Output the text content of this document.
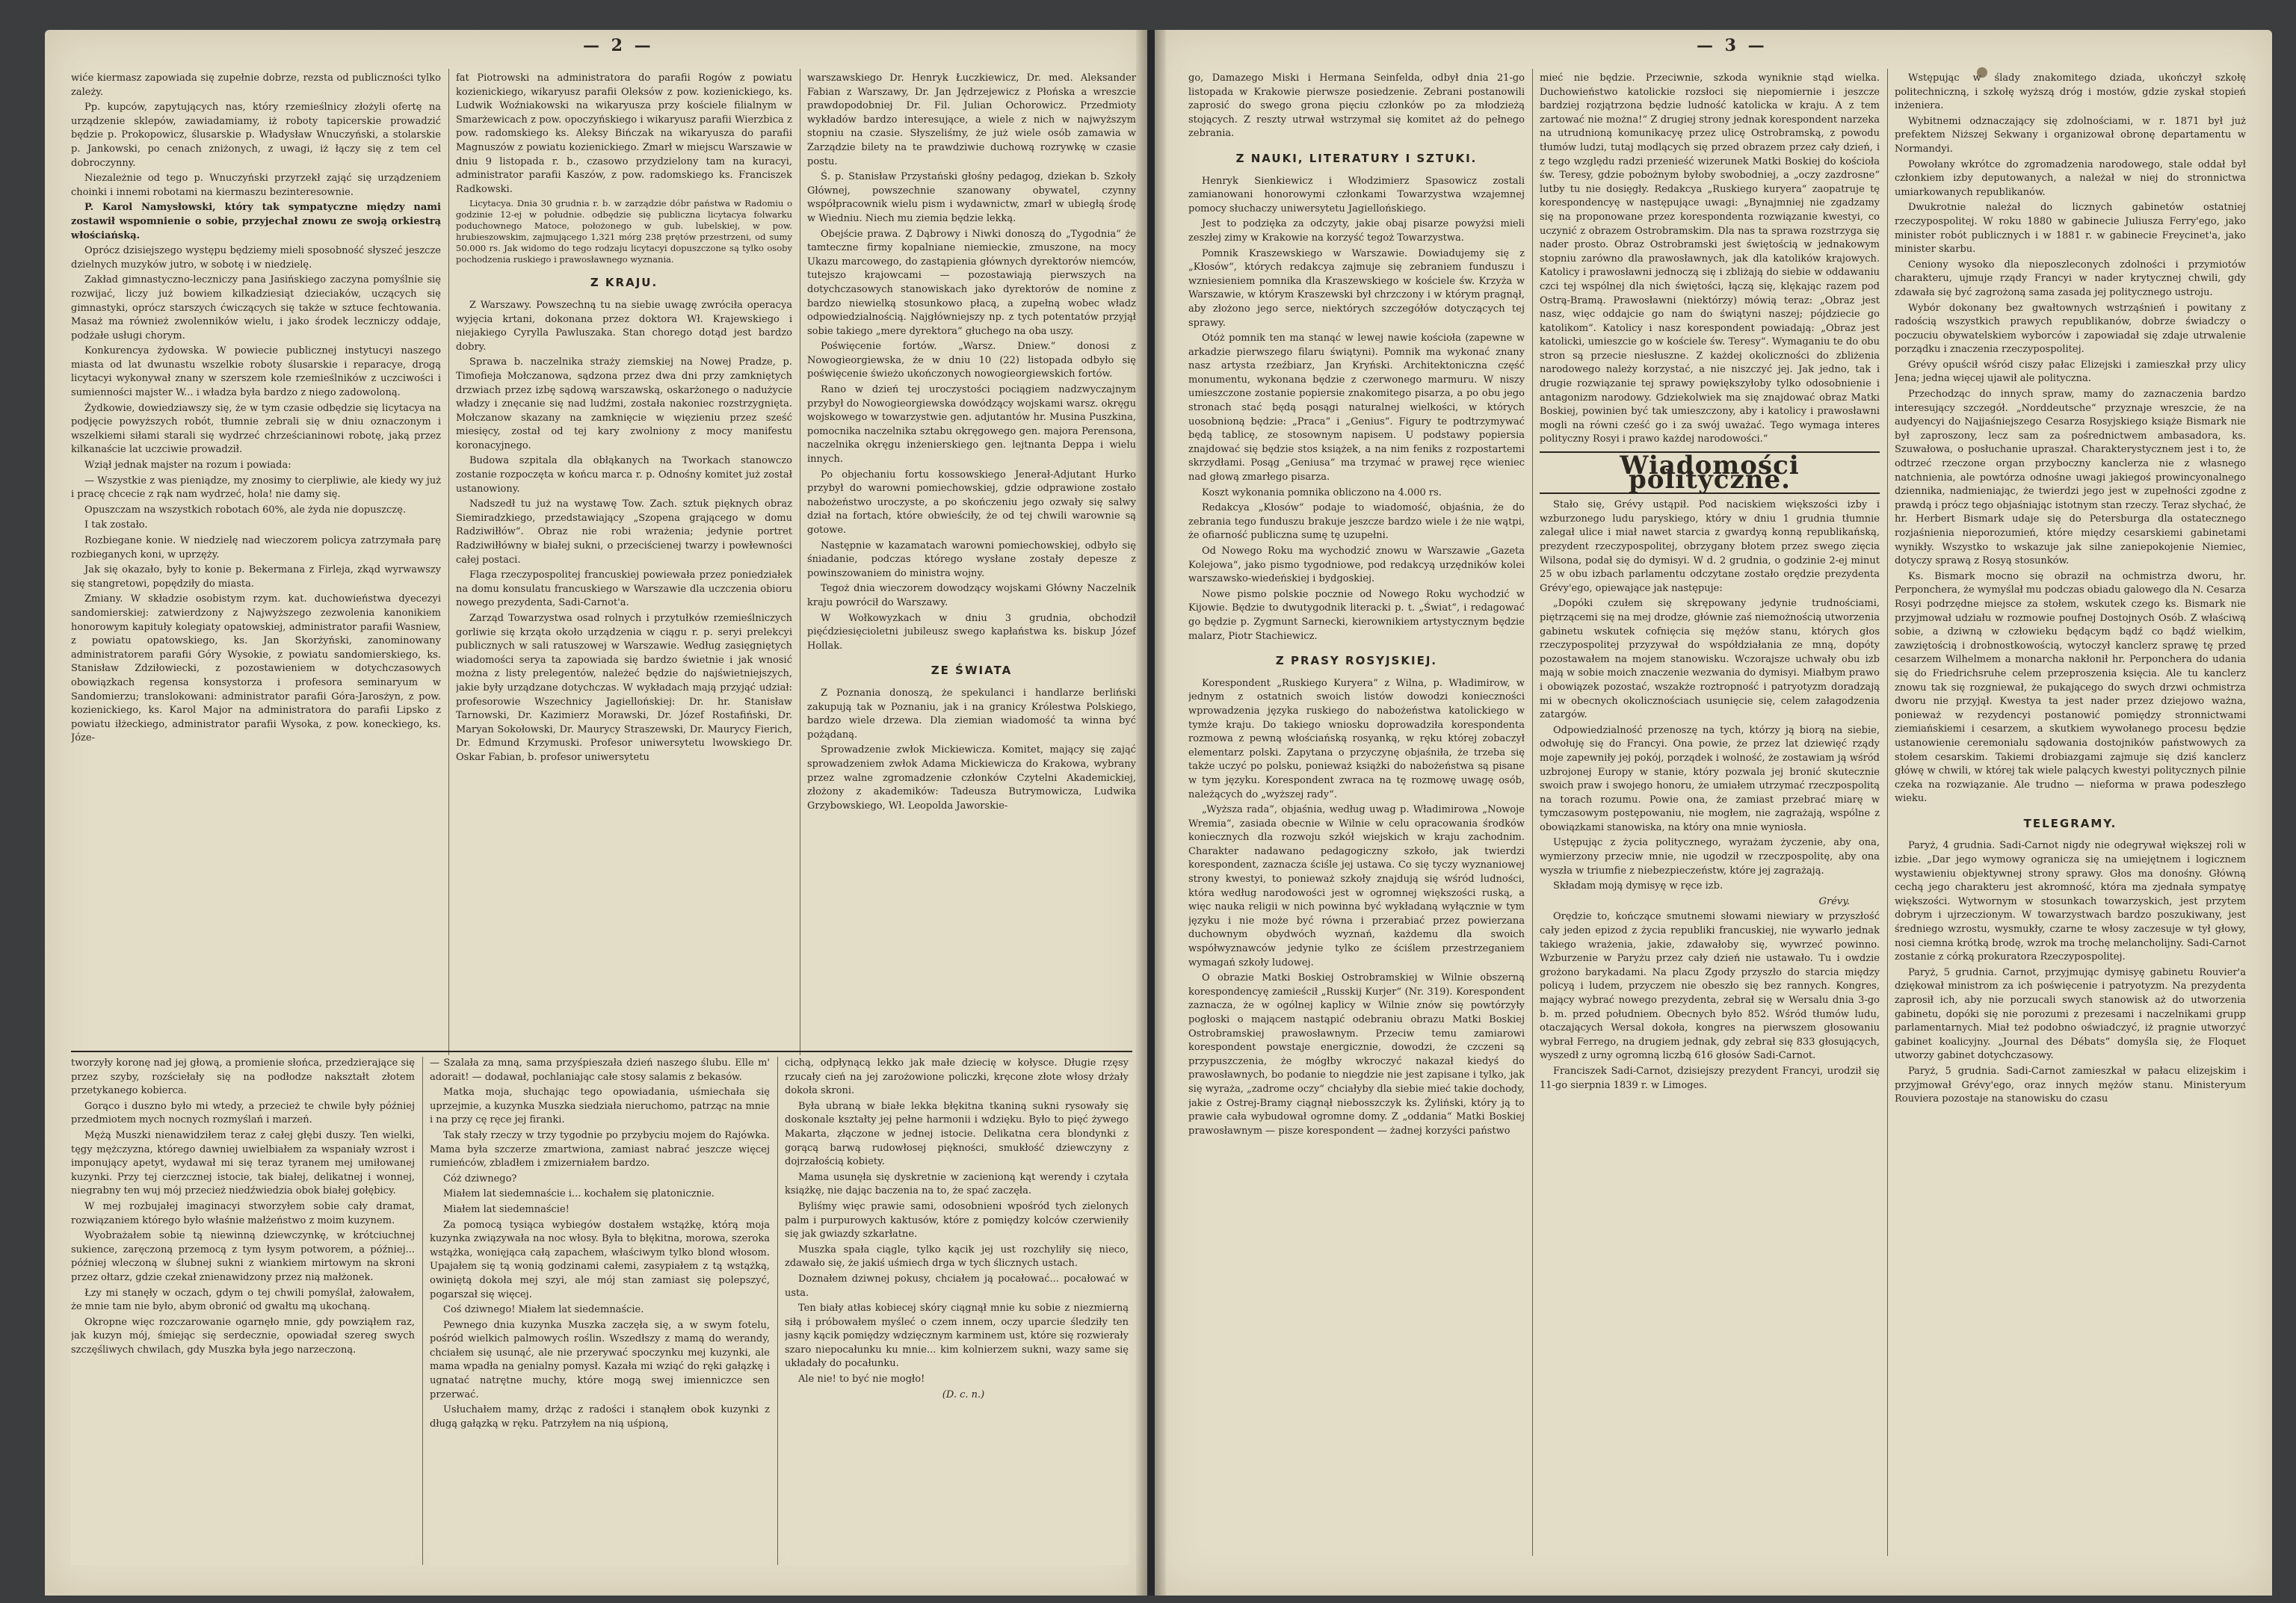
— 2 —	— 3 —

wiće kiermasz zapowiada się zupełnie dobrze, rezsta od publiczności tylko zależy.

Pp. kupców, zapytujących nas, który rzemieślnicy złożyli ofertę na urządzenie sklepów, zawiadamiamy, iż roboty tapicerskie prowadzić będzie p. Prokopowicz, ślusarskie p. Władysław Wnuczyński, a stolarskie p. Jankowski, po cenach zniżonych, z uwagi, iż łączy się z tem cel dobroczynny.

Niezależnie od tego p. Wnuczyński przyrzekł zająć się urządzeniem choinki i innemi robotami na kiermaszu bezinteresownie.

P. Karol Namysłowski, który tak sympatyczne między nami zostawił wspomnienie o sobie, przyjechał znowu ze swoją orkiestrą włościańską.

Oprócz dzisiejszego występu będziemy mieli sposobność słyszeć jeszcze dzielnych muzyków jutro, w sobotę i w niedzielę.

Zakład gimnastyczno-leczniczy pana Jasińskiego zaczyna pomyślnie się rozwijać, liczy już bowiem kilkadziesiąt dzieciaków, uczących się gimnastyki, oprócz starszych ćwiczących się także w sztuce fechtowania. Masaż ma również zwolenników wielu, i jako środek leczniczy oddaje, podżałe usługi chorym.

Konkurencya żydowska. W powiecie publicznej instytucyi naszego miasta od lat dwunastu wszelkie roboty ślusarskie i reparacye, drogą licytacyi wykonywał znany w szerszem kole rzemieślników z uczciwości i sumienności majster W... i władza była bardzo z niego zadowoloną.

Żydkowie, dowiedziawszy się, że w tym czasie odbędzie się licytacya na podjęcie powyższych robót, tłumnie zebrali się w dniu oznaczonym i wszelkiemi siłami starali się wydrzeć chrześcianinowi robotę, jaką przez kilkanaście lat uczciwie prowadził.

Wziął jednak majster na rozum i powiada:

— Wszystkie z was pieniądze, my znosimy to cierpliwie, ale kiedy wy już i pracę chcecie z rąk nam wydrzeć, hola! nie damy się.

Opuszczam na wszystkich robotach 60%, ale żyda nie dopuszczę.

I tak zostało.

Rozbiegane konie. W niedzielę nad wieczorem policya zatrzymała parę rozbieganych koni, w uprzęży.

Jak się okazało, były to konie p. Bekermana z Firleja, zkąd wyrwawszy się stangretowi, popędziły do miasta.

Zmiany. W składzie osobistym rzym. kat. duchowieństwa dyecezyi sandomierskiej: zatwierdzony z Najwyższego zezwolenia kanonikiem honorowym kapituły kolegiaty opatowskiej, administrator parafii Wasniew, z powiatu opatowskiego, ks. Jan Skorżyński, zanominowany administratorem parafii Góry Wysokie, z powiatu sandomierskiego, ks. Stanisław Zdziłowiecki, z pozostawieniem w dotychczasowych obowiązkach regensa konsystorza i profesora seminaryum w Sandomierzu; translokowani: administrator parafii Góra-Jarosżyn, z pow. kozienickiego, ks. Karol Major na administratora do parafii Lipsko z powiatu iłżeckiego, administrator parafii Wysoka, z pow. koneckiego, ks. Józe-

fat Piotrowski na administratora do parafii Rogów z powiatu kozienickiego, wikaryusz parafii Oleksów z pow. kozienickiego, ks. Ludwik Woźniakowski na wikaryusza przy kościele filialnym w Smarżewicach z pow. opoczyńskiego i wikaryusz parafii Wierzbica z pow. radomskiego ks. Aleksy Bińczak na wikaryusza do parafii Magnuszów z powiatu kozienickiego. Zmarł w miejscu Warszawie w dniu 9 listopada r. b., czasowo przydzielony tam na kuracyi, administrator parafii Kaszów, z pow. radomskiego ks. Franciszek Radkowski.

Licytacya. Dnia 30 grudnia r. b. w zarządzie dóbr państwa w Radomiu o godzinie 12-ej w południe. odbędzie się publiczna licytacya folwarku poduchownego Matoce, położonego w gub. lubelskiej, w pow. hrubieszowskim, zajmującego 1,321 mórg 238 prętów przestrzeni, od sumy 50.000 rs. Jak widomo do tego rodzaju licytacyi dopuszczone są tylko osoby pochodzenia ruskiego i prawosławnego wyznania.

Z KRAJU.

Z Warszawy. Powszechną tu na siebie uwagę zwróciła operacya wyjęcia krtani, dokonana przez doktora Wł. Krajewskiego i niejakiego Cyrylla Pawluszaka. Stan chorego dotąd jest bardzo dobry.

Sprawa b. naczelnika straży ziemskiej na Nowej Pradze, p. Timofieja Mołczanowa, sądzona przez dwa dni przy zamkniętych drzwiach przez izbę sądową warszawską, oskarżonego o nadużycie władzy i znęcanie się nad ludźmi, została nakoniec rozstrzygnięta. Mołczanow skazany na zamknięcie w więzieniu przez sześć miesięcy, został od tej kary zwolniony z mocy manifestu koronacyjnego.

Budowa szpitala dla obłąkanych na Tworkach stanowczo zostanie rozpoczęta w końcu marca r. p. Odnośny komitet już został ustanowiony.

Nadszedł tu już na wystawę Tow. Zach. sztuk pięknych obraz Siemiradzkiego, przedstawiający „Szopena grającego w domu Radziwiłłów“. Obraz nie robi wrażenia; jedynie portret Radziwiłłówny w białej sukni, o przeciścienej twarzy i powłewności całej postaci.

Flaga rzeczypospolitej francuskiej powiewała przez poniedziałek na domu konsulatu francuskiego w Warszawie dla uczczenia obioru nowego prezydenta, Sadi-Carnot'a.

Zarząd Towarzystwa osad rolnych i przytułków rzemieślniczych gorliwie się krząta około urządzenia w ciągu r. p. seryi prelekcyi publicznych w sali ratuszowej w Warszawie. Według zasięgniętych wiadomości serya ta zapowiada się bardzo świetnie i jak wnosić można z listy prelegentów, należeć będzie do najświetniejszych, jakie były urządzane dotychczas. W wykładach mają przyjąć udział: profesorowie Wszechnicy Jagiellońskiej: Dr. hr. Stanisław Tarnowski, Dr. Kazimierz Morawski, Dr. Józef Rostafiński, Dr. Maryan Sokołowski, Dr. Maurycy Straszewski, Dr. Maurycy Fierich, Dr. Edmund Krzymuski. Profesor uniwersytetu lwowskiego Dr. Oskar Fabian, b. profesor uniwersytetu

warszawskiego Dr. Henryk Łuczkiewicz, Dr. med. Aleksander Fabian z Warszawy, Dr. Jan Jędrzejewicz z Płońska a wreszcie prawdopodobniej Dr. Fil. Julian Ochorowicz. Przedmioty wykładów bardzo interesujące, a wiele z nich w najwyższym stopniu na czasie. Słyszeliśmy, że już wiele osób zamawia w Zarządzie bilety na te prawdziwie duchową rozrywkę w czasie postu.

Ś. p. Stanisław Przystański głośny pedagog, dziekan b. Szkoły Głównej, powszechnie szanowany obywatel, czynny współpracownik wielu pism i wydawnictw, zmarł w ubiegłą środę w Wiedniu. Niech mu ziemia będzie lekką.

Obejście prawa. Z Dąbrowy i Niwki donoszą do „Tygodnia“ że tamteczne firmy kopalniane niemieckie, zmuszone, na mocy Ukazu marcowego, do zastąpienia głównych dyrektorów niemców, tutejszo krajowcami — pozostawiają pierwszych na dotychczasowych stanowiskach jako dyrektorów de nomine z bardzo niewielką stosunkowo płacą, a zupełną wobec władz odpowiedzialnością. Najgłówniejszy np. z tych potentatów przyjął sobie takiego „mere dyrektora“ głuchego na oba uszy.

Poświęcenie fortów. „Warsz. Dniew.“ donosi z Nowogieorgiewska, że w dniu 10 (22) listopada odbyło się poświęcenie świeżo ukończonych nowogieorgiewskich fortów.

Rano w dzień tej uroczystości pociągiem nadzwyczajnym przybył do Nowogieorgiewska dowódzący wojskami warsz. okręgu wojskowego w towarzystwie gen. adjutantów hr. Musina Puszkina, pomocnika naczelnika sztabu okręgowego gen. majora Perensona, naczelnika okręgu inżenierskiego gen. lejtnanta Deppa i wielu innych.

Po objechaniu fortu kossowskiego Jenerał-Adjutant Hurko przybył do warowni pomiechowskiej, gdzie odprawione zostało nabożeństwo uroczyste, a po skończeniu jego ozwały się salwy dział na fortach, które obwieściły, że od tej chwili warownie są gotowe.

Następnie w kazamatach warowni pomiechowskiej, odbyło się śniadanie, podczas którego wysłane zostały depesze z powinszowaniem do ministra wojny.

Tegoż dnia wieczorem dowodzący wojskami Główny Naczelnik kraju powrócił do Warszawy.

W Wołkowyzkach w dniu 3 grudnia, obchodził pięćdziesięcioletni jubileusz swego kapłaństwa ks. biskup Józef Hollak.

ZE ŚWIATA

Z Poznania donoszą, że spekulanci i handlarze berliński zakupują tak w Poznaniu, jak i na granicy Królestwa Polskiego, bardzo wiele drzewa. Dla ziemian wiadomość ta winna być pożądaną.

Sprowadzenie zwłok Mickiewicza. Komitet, mający się zająć sprowadzeniem zwłok Adama Mickiewicza do Krakowa, wybrany przez walne zgromadzenie członków Czytelni Akademickiej, złożony z akademików: Tadeusza Butrymowicza, Ludwika Grzybowskiego, Wł. Leopolda Jaworskie-

tworzyły koronę nad jej głową, a promienie słońca, przedzierające się przez szyby, rozściełały się na podłodze nakształt złotem przetykanego kobierca.

Gorąco i duszno było mi wtedy, a przecież te chwile były później przedmiotem mych nocnych rozmyślań i marzeń.

Mężą Muszki nienawidziłem teraz z całej głębi duszy. Ten wielki, tęgy mężczyzna, którego dawniej uwielbiałem za wspaniały wzrost i imponujący apetyt, wydawał mi się teraz tyranem mej umiłowanej kuzynki. Przy tej cierzcznej istocie, tak białej, delikatnej i wonnej, niegrabny ten wuj mój przecież niedźwiedzia obok białej gołębicy.

W mej rozbujałej imaginacyi stworzyłem sobie cały dramat, rozwiązaniem którego było właśnie małżeństwo z moim kuzynem.

Wyobrażałem sobie tą niewinną dziewczynkę, w krótciuchnej sukience, zaręczoną przemocą z tym łysym potworem, a później... później wleczoną w ślubnej sukni z wiankiem mirtowym na skroni przez ołtarz, gdzie czekał znienawidzony przez nią małżonek.

Łzy mi stanęły w oczach, gdym o tej chwili pomyślał, żałowałem, że mnie tam nie było, abym obronić od gwałtu mą ukochaną.

Okropne więc rozczarowanie ogarnęło mnie, gdy powziąłem raz, jak kuzyn mój, śmiejąc się serdecznie, opowiadał szereg swych szczęśliwych chwilach, gdy Muszka była jego narzeczoną.

— Szalała za mną, sama przyśpieszała dzień naszego ślubu. Elle m' adorait! — dodawał, pochlaniając całe stosy salamis z bekasów.

Matka moja, słuchając tego opowiadania, uśmiechała się uprzejmie, a kuzynka Muszka siedziała nieruchomo, patrząc na mnie i na przy cę ręce jej firanki.

Tak stały rzeczy w trzy tygodnie po przybyciu mojem do Rajówka. Mama była szczerze zmartwiona, zamiast nabrać jeszcze więcej rumieńców, zbladłem i zmizerniałem bardzo.

Cóż dziwnego?

Miałem lat siedemnaście i... kochałem się platonicznie.

Miałem lat siedemnaście!

Za pomocą tysiąca wybiegów dostałem wstążkę, którą moja kuzynka związywała na noc włosy. Była to błękitna, morowa, szeroka wstążka, wonięjąca całą zapachem, właściwym tylko blond włosom. Upajałem się tą wonią godzinami całemi, zasypiałem z tą wstążką, owiniętą dokoła mej szyi, ale mój stan zamiast się polepszyć, pogarszał się więcej.

Coś dziwnego! Miałem lat siedemnaście.

Pewnego dnia kuzynka Muszka zaczęła się, a w swym fotelu, pośród wielkich palmowych roślin. Wszedłszy z mamą do werandy, chciałem się usunąć, ale nie przerywać spoczynku mej kuzynki, ale mama wpadła na genialny pomysł. Kazała mi wziąć do ręki gałązkę i ugnatać natrętne muchy, które mogą swej imienniczce sen przerwać.

Usłuchałem mamy, drżąc z radości i stanąłem obok kuzynki z długą gałązką w ręku. Patrzyłem na nią uśpioną,

cichą, odpłynącą lekko jak małe dziecię w kołysce. Długie rzęsy rzucały cień na jej zarożowione policzki, kręcone złote włosy drżały dokoła skroni.

Była ubraną w białe lekka błękitna tkaniną sukni rysowały się doskonale kształty jej pełne harmonii i wdzięku. Było to pięć żywego Makarta, złączone w jednej istocie. Delikatna cera blondynki z gorącą barwą rudowłosej piękności, smukłość dziewczyny z dojrzałością kobiety.

Mama usunęła się dyskretnie w zacienioną kąt werendy i czytała książkę, nie dając baczenia na to, że spać zaczęła.

Byliśmy więc prawie sami, odosobnieni wpośród tych zielonych palm i purpurowych kaktusów, które z pomiędzy kolców czerwieniły się jak gwiazdy szkarłatne.

Muszka spała ciągle, tylko kącik jej ust rozchyliły się nieco, zdawało się, że jakiś uśmiech drga w tych ślicznych ustach.

Doznałem dziwnej pokusy, chciałem ją pocałować... pocałować w usta.

Ten biały atłas kobiecej skóry ciągnął mnie ku sobie z niezmierną siłą i próbowałem myśleć o czem innem, oczy uparcie śledziły ten jasny kącik pomiędzy wdzięcznym karminem ust, które się rozwierały szaro niepocałunku ku mnie... kim kolnierzem sukni, wazy same się układały do pocałunku.

Ale nie! to być nie mogło!

(D. c. n.)

go, Damazego Miski i Hermana Seinfelda, odbył dnia 21-go listopada w Krakowie pierwsze posiedzenie. Zebrani postanowili zaprosić do swego grona pięciu członków po za młodzieżą stojących. Z reszty utrwał wstrzymał się komitet aż do pełnego zebrania.

Z NAUKI, LITERATURY I SZTUKI.

Henryk Sienkiewicz i Włodzimierz Spasowicz zostali zamianowani honorowymi członkami Towarzystwa wzajemnej pomocy słuchaczy uniwersytetu Jagiellońskiego.

Jest to podzięka za odczyty, jakie obaj pisarze powyżsi mieli zeszłej zimy w Krakowie na korzyść tegoż Towarzystwa.

Pomnik Kraszewskiego w Warszawie. Dowiadujemy się z „Kłosów“, których redakcya zajmuje się zebraniem funduszu i wzniesieniem pomnika dla Kraszewskiego w kościele św. Krzyża w Warszawie, w którym Kraszewski był chrzczony i w którym pragnął, aby złożono jego serce, niektórych szczegółów dotyczących tej sprawy.

Otóż pomnik ten ma stanąć w lewej nawie kościoła (zapewne w arkadzie pierwszego filaru świątyni). Pomnik ma wykonać znany nasz artysta rzeźbiarz, Jan Kryński. Architektoniczna część monumentu, wykonana będzie z czerwonego marmuru. W niszy umieszczone zostanie popiersie znakomitego pisarza, a po obu jego stronach stać będą posągi naturalnej wielkości, w których uosobnioną będzie: „Praca“ i „Genius“. Figury te podtrzymywać będą tablicę, ze stosownym napisem. U podstawy popiersia znajdować się będzie stos książek, a na nim feniks z rozpostartemi skrzydłami. Posąg „Geniusa“ ma trzymać w prawej ręce wieniec nad głową zmarłego pisarza.

Koszt wykonania pomnika obliczono na 4.000 rs.

Redakcya „Kłosów“ podaje to wiadomość, objaśnia, że do zebrania tego funduszu brakuje jeszcze bardzo wiele i że nie wątpi, że ofiarność publiczna sumę tę uzupełni.

Od Nowego Roku ma wychodzić znowu w Warszawie „Gazeta Kolejowa“, jako pismo tygodniowe, pod redakcyą urzędników kolei warszawsko-wiedeńskiej i bydgoskiej.

Nowe pismo polskie pocznie od Nowego Roku wychodzić w Kijowie. Będzie to dwutygodnik literacki p. t. „Świat“, i redagować go będzie p. Zygmunt Sarnecki, kierownikiem artystycznym będzie malarz, Piotr Stachiewicz.

Z PRASY ROSYJSKIEJ.

Korespondent „Ruskiego Kuryera“ z Wilna, p. Władimirow, w jednym z ostatnich swoich listów dowodzi konieczności wprowadzenia języka ruskiego do nabożeństwa katolickiego w tymże kraju. Do takiego wniosku doprowadziła korespondenta rozmowa z pewną włościańską rosyanką, w ręku której zobaczył elementarz polski. Zapytana o przyczynę objaśniła, że trzeba się także uczyć po polsku, ponieważ książki do nabożeństwa są pisane w tym języku. Korespondent zwraca na tę rozmowę uwagę osób, należących do „wyższej rady“.

„Wyższa rada“, objaśnia, według uwag p. Władimirowa „Nowoje Wremia“, zasiada obecnie w Wilnie w celu opracowania środków koniecznych dla rozwoju szkół wiejskich w kraju zachodnim. Charakter nadawano pedagogiczny szkoło, jak twierdzi korespondent, zaznacza ściśle jej ustawa. Co się tyczy wyznaniowej strony kwestyi, to ponieważ szkoły znajdują się wśród ludności, która według narodowości jest w ogromnej większości ruską, a więc nauka religii w nich powinna być wykładaną wyłącznie w tym języku i nie może być równa i przerabiać przez powierzana duchownym obydwóch wyznań, każdemu dla swoich współwyznawców jedynie tylko ze ściślem przestrzeganiem wymagań szkoły ludowej.

O obrazie Matki Boskiej Ostrobramskiej w Wilnie obszerną korespondencyę zamieścił „Russkij Kurjer“ (Nr. 319). Korespondent zaznacza, że w ogólnej kaplicy w Wilnie znów się powtórzyły pogłoski o mającem nastąpić odebraniu obrazu Matki Boskiej Ostrobramskiej prawosławnym. Przeciw temu zamiarowi korespondent powstaje energicznie, dowodzi, że czczeni są przypuszczenia, że mógłby wkroczyć nakazał kiedyś do prawosławnych, bo podanie to niegdzie nie jest zapisane i tylko, jak się wyraża, „zadrome oczy“ chciałyby dla siebie mieć takie dochody, jakie z Ostrej-Bramy ciągnął niebosszczyk ks. Żyliński, który ją to prawie cała wybudował ogromne domy. Z „oddania“ Matki Boskiej prawosławnym — pisze korespondent — żadnej korzyści państwo

mieć nie będzie. Przeciwnie, szkoda wyniknie stąd wielka. Duchowieństwo katolickie rozsłoci się niepomiernie i jeszcze bardziej rozjątrzona będzie ludność katolicka w kraju. A z tem zartować nie można!“ Z drugiej strony jednak korespondent narzeka na utrudnioną komunikacyę przez ulicę Ostrobramską, z powodu tłumów ludzi, tutaj modlących się przed obrazem przez cały dzień, i z tego względu radzi przenieść wizerunek Matki Boskiej do kościoła św. Teresy, gdzie pobożnym byłoby swobodniej, a „oczy zazdrosne“ lutby tu nie dosięgły. Redakcya „Ruskiego kuryera“ zaopatruje tę korespondencyę w następujące uwagi: „Bynajmniej nie zgadzamy się na proponowane przez korespondenta rozwiązanie kwestyi, co uczynić z obrazem Ostrobramskim. Dla nas ta sprawa rozstrzyga się nader prosto. Obraz Ostrobramski jest świętością w jednakowym stopniu zarówno dla prawosławnych, jak dla katolików krajowych. Katolicy i prawosławni jednoczą się i zbliżają do siebie w oddawaniu czci tej wspólnej dla nich świętości, łączą się, klękając razem pod Ostrą-Bramą. Prawosławni (niektórzy) mówią teraz: „Obraz jest nasz, więc oddajcie go nam do świątyni naszej; pójdziecie go katolikom“. Katolicy i nasz korespondent powiadają: „Obraz jest katolicki, umieszcie go w kościele św. Teresy“. Wymaganiu te do obu stron są przecie niesłuszne. Z każdej okoliczności do zbliżenia narodowego należy korzystać, a nie niszczyć jej. Jak jedno, tak i drugie rozwiązanie tej sprawy powiększyłoby tylko odosobnienie i antagonizm narodowy. Gdziekolwiek ma się znajdować obraz Matki Boskiej, powinien być tak umieszczony, aby i katolicy i prawosławni mogli na równi cześć go i za swój uważać. Tego wymaga interes polityczny Rosyi i prawo każdej narodowości.“

Wiadomości polityczne.

Stało się, Grévy ustąpił. Pod naciskiem większości izby i wzburzonego ludu paryskiego, który w dniu 1 grudnia tłumnie zalegał ulice i miał nawet starcia z gwardyą konną republikańską, prezydent rzeczypospolitej, obrzygany błotem przez swego zięcia Wilsona, podał się do dymisyi. W d. 2 grudnia, o godzinie 2-ej minut 25 w obu izbach parlamentu odczytane zostało orędzie prezydenta Grévy'ego, opiewające jak następuje:

„Dopóki czułem się skrępowany jedynie trudnościami, piętrzącemi się na mej drodze, głównie zaś niemożnością utworzenia gabinetu wskutek cofnięcia się mężów stanu, których głos rzeczypospolitej przyzywał do współdziałania ze mną, dopóty pozostawałem na mojem stanowisku. Wczorajsze uchwały obu izb mają w sobie moich znaczenie wezwania do dymisyi. Miałbym prawo i obowiązek pozostać, wszakże roztropność i patryotyzm doradzają mi w obecnych okolicznościach usunięcie się, celem załagodzenia zatargów.

Odpowiedzialność przenoszę na tych, którzy ją biorą na siebie, odwołuję się do Francyi. Ona powie, że przez lat dziewięć rządy moje zapewniły jej pokój, porządek i wolność, że zostawiam ją wśród uzbrojonej Europy w stanie, który pozwala jej bronić skutecznie swoich praw i swojego honoru, że umiałem utrzymać rzeczpospolitą na torach rozumu. Powie ona, że zamiast przebrać miarę w tymczasowym postępowaniu, nie mogłem, nie zagrażają, wspólne z obowiązkami stanowiska, na który ona mnie wyniosła.

Ustępując z życia politycznego, wyrażam życzenie, aby ona, wymierzony przeciw mnie, nie ugodził w rzeczpospolitę, aby ona wyszła w triumfie z niebezpieczeństw, które jej zagrażają.

Składam moją dymisyę w ręce izb.

Grévy.

Orędzie to, kończące smutnemi słowami niewiary w przyszłość cały jeden epizod z życia republiki francuskiej, nie wywarło jednak takiego wrażenia, jakie, zdawałoby się, wywrzeć powinno. Wzburzenie w Paryżu przez cały dzień nie ustawało. Tu i owdzie grożono barykadami. Na placu Zgody przyszło do starcia między policyą i ludem, przyczem nie obeszło się bez rannych. Kongres, mający wybrać nowego prezydenta, zebrał się w Wersalu dnia 3-go b. m. przed południem. Obecnych było 852. Wśród tłumów ludu, otaczających Wersal dokoła, kongres na pierwszem głosowaniu wybrał Ferrego, na drugiem jednak, gdy zebrał się 833 głosujących, wyszedł z urny ogromną liczbą 616 głosów Sadi-Carnot.

Franciszek Sadi-Carnot, dzisiejszy prezydent Francyi, urodził się 11-go sierpnia 1839 r. w Limoges.

Wstępując w ślady znakomitego dziada, ukończył szkołę politechniczną, i szkołę wyższą dróg i mostów, gdzie zyskał stopień inżeniera.

Wybitnemi odznaczający się zdolnościami, w r. 1871 był już prefektem Niższej Sekwany i organizował obronę departamentu w Normandyi.

Powołany wkrótce do zgromadzenia narodowego, stale oddał był członkiem izby deputowanych, a należał w niej do stronnictwa umiarkowanych republikanów.

Dwukrotnie należał do licznych gabinetów ostatniej rzeczypospolitej. W roku 1880 w gabinecie Juliusza Ferry'ego, jako minister robót publicznych i w 1881 r. w gabinecie Freycinet'a, jako minister skarbu.

Ceniony wysoko dla nieposzleconych zdolności i przymiotów charakteru, ujmuje rządy Francyi w nader krytycznej chwili, gdy zdawała się być zagrożoną sama zasada jej politycznego ustroju.

Wybór dokonany bez gwałtownych wstrząśnień i powitany z radością wszystkich prawych republikanów, dobrze świadczy o poczuciu obywatelskiem wyborców i zapowiadał się zdaje utrwalenie porządku i znaczenia rzeczypospolitej.

Grévy opuścił wśród ciszy pałac Elizejski i zamieszkał przy ulicy Jena; jedna więcej ujawił ale polityczna.

Przechodząc do innych spraw, mamy do zaznaczenia bardzo interesujący szczegół. „Norddeutsche“ przyznaje wreszcie, że na audyencyi do Najjaśniejszego Cesarza Rosyjskiego książe Bismark nie był zaproszony, lecz sam za pośrednictwem ambasadora, ks. Szuwałowa, o posłuchanie upraszał. Charakterystycznem jest i to, że odtrzeć rzeczone organ przyboczny kanclerza nie z własnego natchnienia, ale powtórza odnośne uwagi jakiegoś prowincyonalnego dziennika, nadmieniając, że twierdzi jego jest w zupełności zgodne z prawdą i prócz tego objaśniając istotnym stan rzeczy. Teraz słychać, że hr. Herbert Bismark udaje się do Petersburga dla ostatecznego rozjaśnienia nieporozumień, które między cesarskiemi gabinetami wynikły. Wszystko to wskazuje jak silne zaniepokojenie Niemiec, dotyczy sprawą z Rosyą stosunków.

Ks. Bismark mocno się obraził na ochmistrza dworu, hr. Perponchera, że wymyślał mu podczas obiadu galowego dla N. Cesarza Rosyi podrzędne miejsce za stołem, wskutek czego ks. Bismark nie przyjmował udziału w rozmowie poufnej Dostojnych Osób. Z właściwą sobie, a dziwną w człowieku będącym bądź co bądź wielkim, zawziętością i drobnostkowością, wytoczył kanclerz sprawę tę przed cesarzem Wilhelmem a monarcha nakłonił hr. Perponchera do udania się do Friedrichsruhe celem przeproszenia księcia. Ale tu kanclerz znowu tak się rozgniewał, że pukającego do swych drzwi ochmistrza dworu nie przyjął. Kwestya ta jest nader przez dziejowo ważna, ponieważ w rezydencyi postanowić pomiędzy stronnictwami ziemiańskiemi i cesarzem, a skutkiem wywołanego procesu będzie ustanowienie ceremonialu sądowania dostojników państwowych za stołem cesarskim. Takiemi drobiazgami zajmuje się dziś kanclerz główę w chwili, w której tak wiele palących kwestyi politycznych pilnie czeka na rozwiązanie. Ale trudno — nieforma w prawa podeszłego wieku.

TELEGRAMY.

Paryż, 4 grudnia. Sadi-Carnot nigdy nie odegrywał większej roli w izbie. „Dar jego wymowy ogranicza się na umiejętnem i logicznem wystawieniu objektywnej strony sprawy. Głos ma donośny. Główną cechą jego charakteru jest akromność, która ma zjednała sympatyę większości. Wytwornym w stosunkach towarzyskich, jest przytem dobrym i ujrzeczionym. W towarzystwach bardzo poszukiwany, jest średniego wzrostu, wysmukły, czarne te włosy zaczesuje w tył głowy, nosi ciemna krótką brodę, wzrok ma trochę melancholijny. Sadi-Carnot zostanie z córką prokuratora Rzeczypospolitej.

Paryż, 5 grudnia. Carnot, przyjmując dymisyę gabinetu Rouvier'a dziękował ministrom za ich poświęcenie i patryotyzm. Na prezydenta zaprosił ich, aby nie porzucali swych stanowisk aż do utworzenia gabinetu, dopóki się nie porozumi z prezesami i naczelnikami grupp parlamentarnych. Miał też podobno oświadczyć, iż pragnie utworzyć gabinet koalicyjny. „Journal des Débats“ domyśla się, że Floquet utworzy gabinet dotychczasowy.

Paryż, 5 grudnia. Sadi-Carnot zamieszkał w pałacu elizejskim i przyjmował Grévy'ego, oraz innych mężów stanu. Ministeryum Rouviera pozostaje na stanowisku do czasu
